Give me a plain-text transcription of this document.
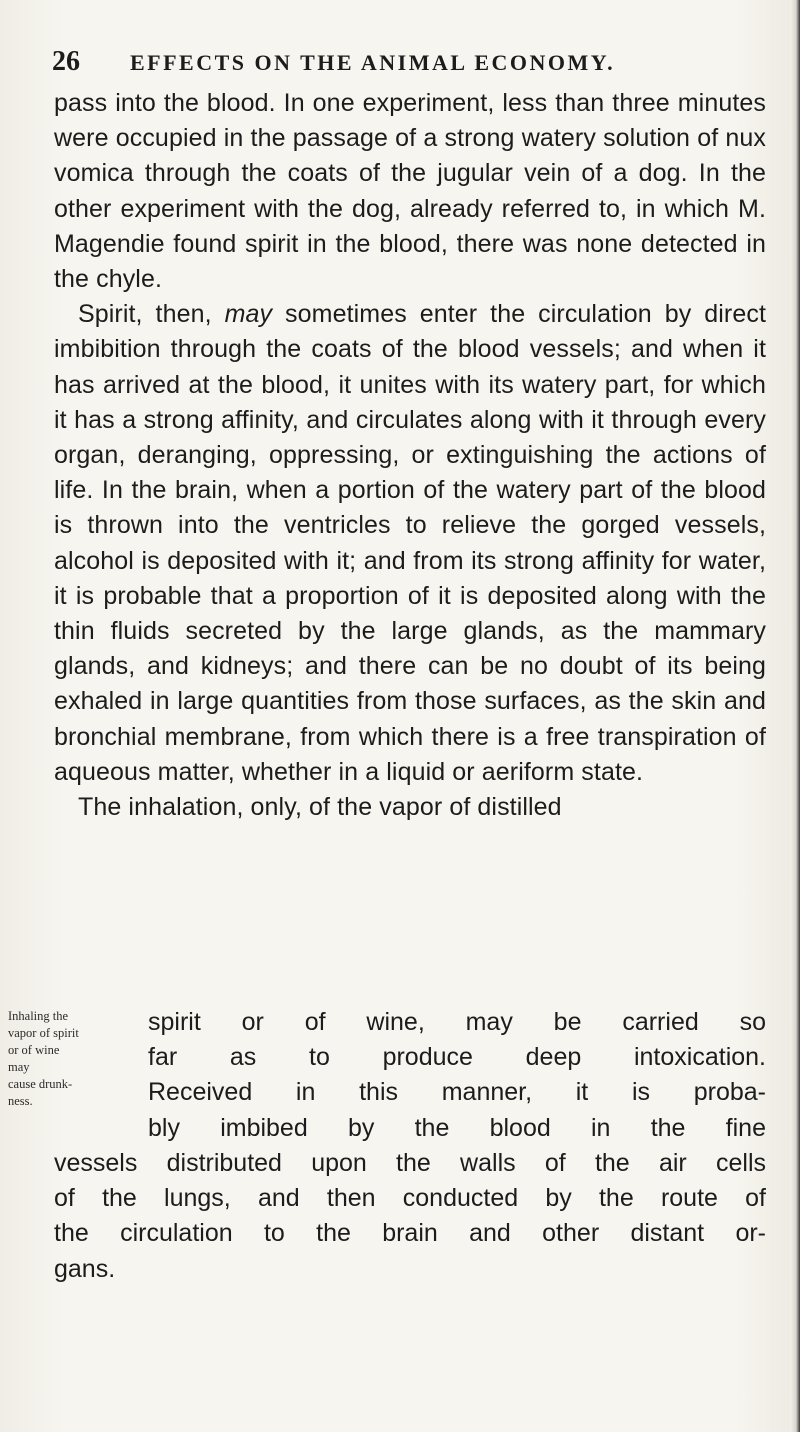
26 EFFECTS ON THE ANIMAL ECONOMY.

pass into the blood. In one experiment, less than three minutes were occupied in the passage of a strong watery solution of nux vomica through the coats of the jugular vein of a dog. In the other experiment with the dog, already referred to, in which M. Magendie found spirit in the blood, there was none detected in the chyle.

Spirit, then, may sometimes enter the circulation by direct imbibition through the coats of the blood vessels; and when it has arrived at the blood, it unites with its watery part, for which it has a strong affinity, and circulates along with it through every organ, deranging, oppressing, or extinguishing the actions of life. In the brain, when a portion of the watery part of the blood is thrown into the ventricles to relieve the gorged vessels, alcohol is deposited with it; and from its strong affinity for water, it is probable that a proportion of it is deposited along with the thin fluids secreted by the large glands, as the mammary glands, and kidneys; and there can be no doubt of its being exhaled in large quantities from those surfaces, as the skin and bronchial membrane, from which there is a free transpiration of aqueous matter, whether in a liquid or aeriform state.

The inhalation, only, of the vapor of distilled

Inhaling the
vapor of spirit
or of wine may
cause drunk-
ness.
spirit or of wine, may be carried so
far as to produce deep intoxication.
Received in this manner, it is proba-
bly imbibed by the blood in the fine
vessels distributed upon the walls of the air cells
of the lungs, and then conducted by the route of
the circulation to the brain and other distant or-
gans.
